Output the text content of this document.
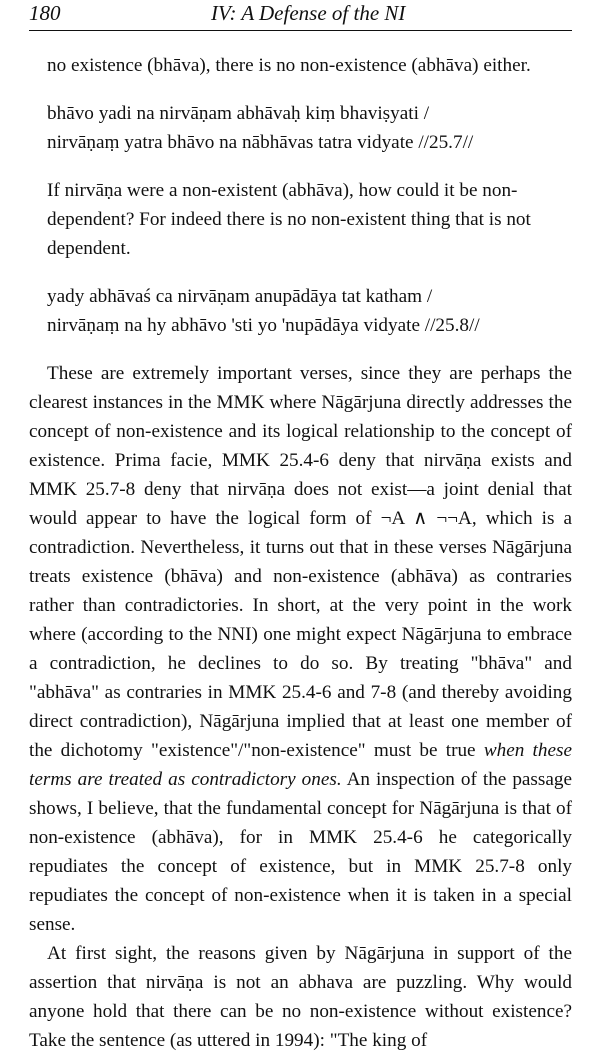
180	IV: A Defense of the NI
no existence (bhāva), there is no non-existence (abhāva) either.
bhāvo yadi na nirvāṇam abhāvaḥ kiṃ bhaviṣyati /
nirvāṇaṃ yatra bhāvo na nābhāvas tatra vidyate //25.7//
If nirvāṇa were a non-existent (abhāva), how could it be non-dependent? For indeed there is no non-existent thing that is not dependent.
yady abhāvaś ca nirvāṇam anupādāya tat katham /
nirvāṇaṃ na hy abhāvo 'sti yo 'nupādāya vidyate //25.8//

These are extremely important verses, since they are perhaps the clearest instances in the MMK where Nāgārjuna directly addresses the concept of non-existence and its logical relationship to the concept of existence. Prima facie, MMK 25.4-6 deny that nirvāṇa exists and MMK 25.7-8 deny that nirvāṇa does not exist—a joint denial that would appear to have the logical form of ¬A ∧ ¬¬A, which is a contradiction. Nevertheless, it turns out that in these verses Nāgārjuna treats existence (bhāva) and non-existence (abhāva) as contraries rather than contradictories. In short, at the very point in the work where (according to the NNI) one might expect Nāgārjuna to embrace a contradiction, he declines to do so. By treating "bhāva" and "abhāva" as contraries in MMK 25.4-6 and 7-8 (and thereby avoiding direct contradiction), Nāgārjuna implied that at least one member of the dichotomy "existence"/"non-existence" must be true when these terms are treated as contradictory ones. An inspection of the passage shows, I believe, that the fundamental concept for Nāgārjuna is that of non-existence (abhāva), for in MMK 25.4-6 he categorically repudiates the concept of existence, but in MMK 25.7-8 only repudiates the concept of non-existence when it is taken in a special sense.

At first sight, the reasons given by Nāgārjuna in support of the assertion that nirvāṇa is not an abhava are puzzling. Why would anyone hold that there can be no non-existence without existence? Take the sentence (as uttered in 1994): "The king of
